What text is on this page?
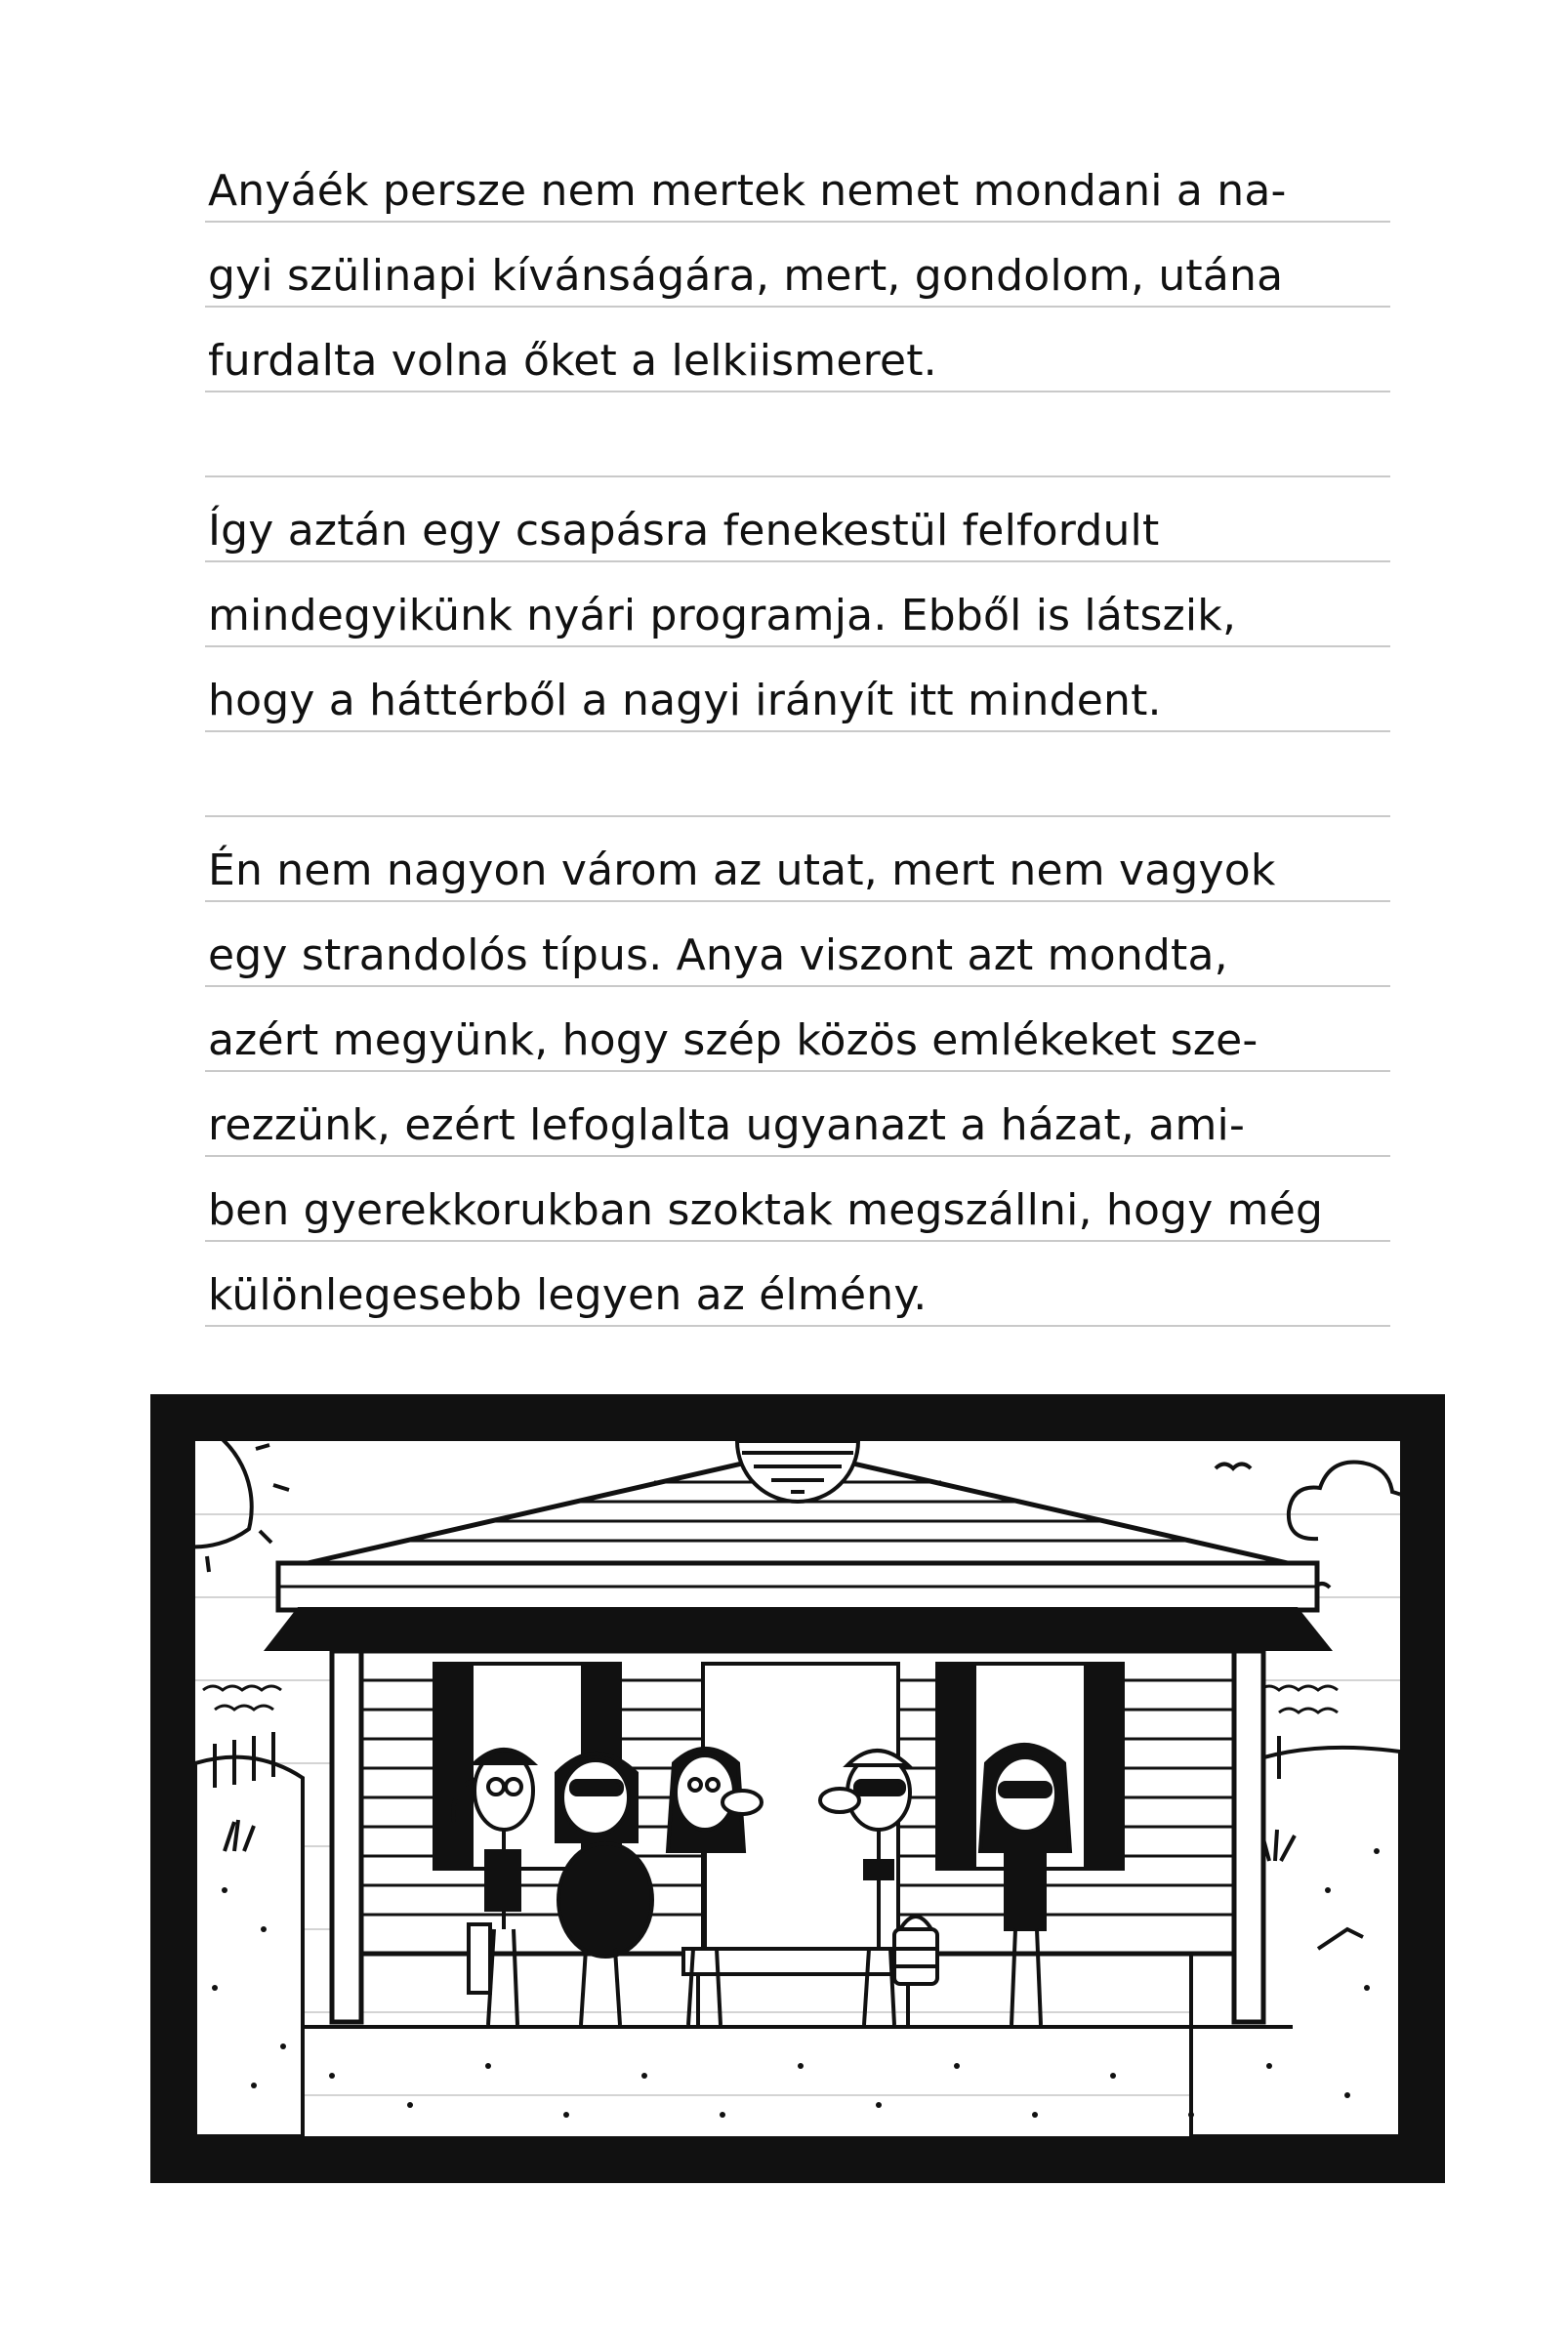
Anyáék persze nem mertek nemet mondani a na-
gyi szülinapi kívánságára, mert, gondolom, utána
furdalta volna őket a lelkiismeret.
Így aztán egy csapásra fenekestül felfordult
mindegyikünk nyári programja. Ebből is látszik,
hogy a háttérből a nagyi irányít itt mindent.
Én nem nagyon várom az utat, mert nem vagyok
egy strandolós típus. Anya viszont azt mondta,
azért megyünk, hogy szép közös emlékeket sze-
rezzünk, ezért lefoglalta ugyanazt a házat, ami-
ben gyerekkorukban szoktak megszállni, hogy még
különlegesebb legyen az élmény.
